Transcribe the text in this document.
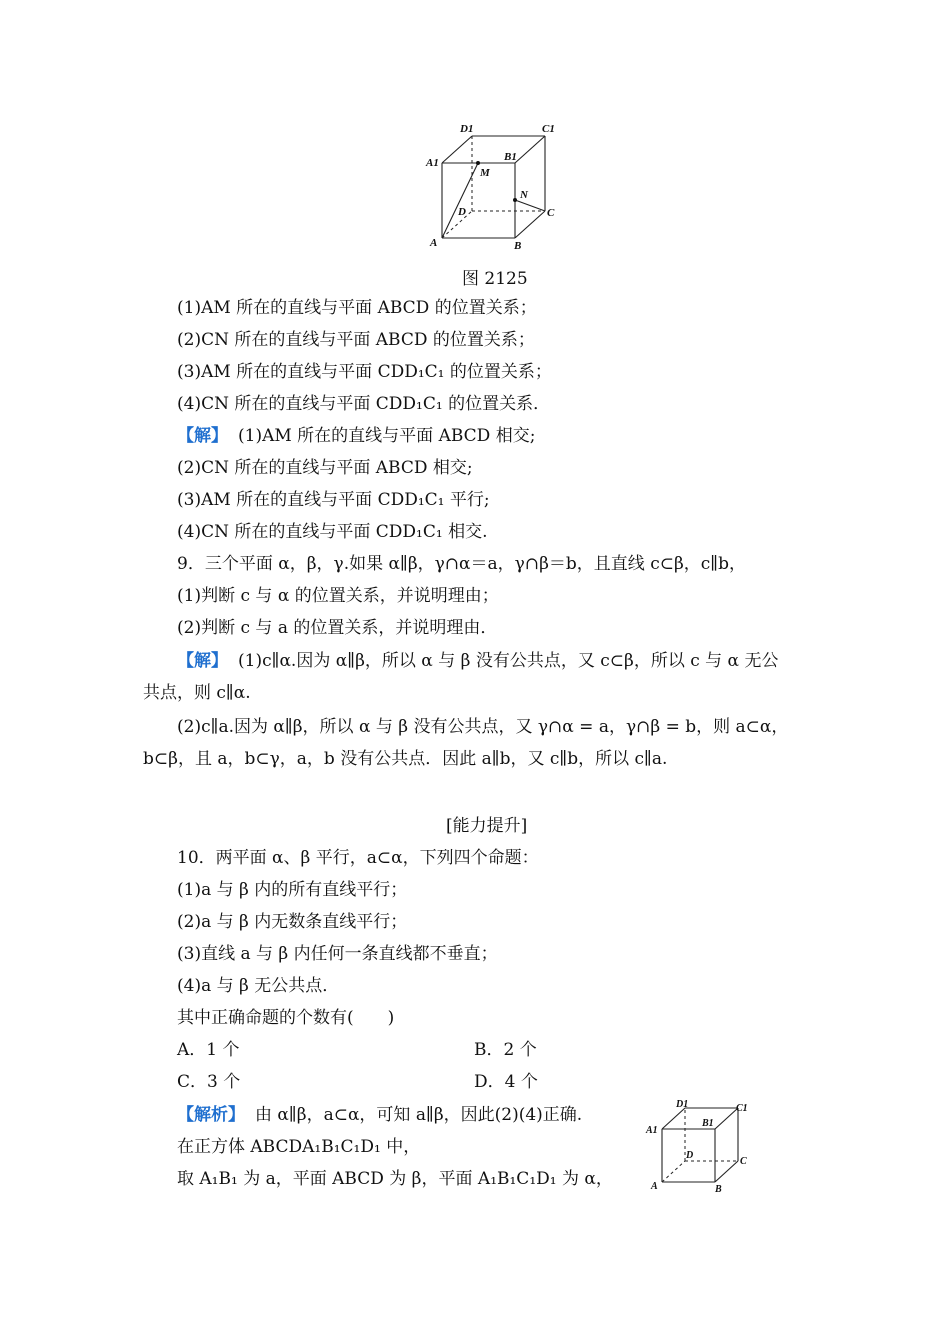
D1	C1
A1	B1
M
N
D	C
A	B
图 2125
(1)AM 所在的直线与平面 ABCD 的位置关系；
(2)CN 所在的直线与平面 ABCD 的位置关系；
(3)AM 所在的直线与平面 CDD₁C₁ 的位置关系；
(4)CN 所在的直线与平面 CDD₁C₁ 的位置关系．
【解】 (1)AM 所在的直线与平面 ABCD 相交;
(2)CN 所在的直线与平面 ABCD 相交;
(3)AM 所在的直线与平面 CDD₁C₁ 平行;
(4)CN 所在的直线与平面 CDD₁C₁ 相交.
9．三个平面 α，β，γ.如果 α∥β，γ∩α＝a，γ∩β＝b，且直线 c⊂β，c∥b，
(1)判断 c 与 α 的位置关系，并说明理由；
(2)判断 c 与 a 的位置关系，并说明理由．
【解】 (1)c∥α.因为 α∥β，所以 α 与 β 没有公共点，又 c⊂β，所以 c 与 α 无公
共点，则 c∥α.
(2)c∥a.因为 α∥β，所以 α 与 β 没有公共点，又 γ∩α = a，γ∩β = b，则 a⊂α，
b⊂β，且 a，b⊂γ，a，b 没有公共点．因此 a∥b，又 c∥b，所以 c∥a.
[能力提升]
10．两平面 α、β 平行，a⊂α，下列四个命题：
(1)a 与 β 内的所有直线平行；
(2)a 与 β 内无数条直线平行；
(3)直线 a 与 β 内任何一条直线都不垂直；
(4)a 与 β 无公共点．
其中正确命题的个数有(　　)
A．1 个	B．2 个
C．3 个	D．4 个
【解析】 由 α∥β，a⊂α，可知 a∥β，因此(2)(4)正确.
在正方体 ABCDA₁B₁C₁D₁ 中，
取 A₁B₁ 为 a，平面 ABCD 为 β，平面 A₁B₁C₁D₁ 为 α，
D1	C1
A1
B1
D
C
A	B
